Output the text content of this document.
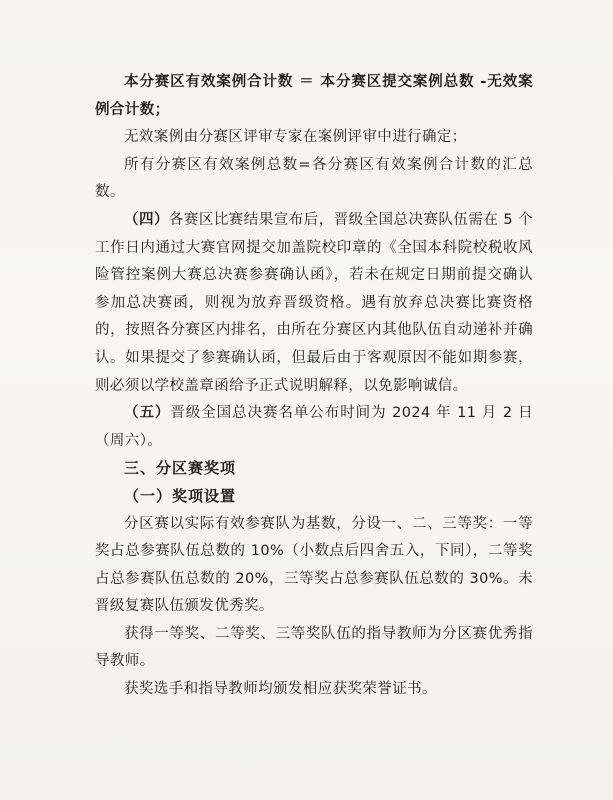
本分赛区有效案例合计数 ＝ 本分赛区提交案例总数 -无效案例合计数；

无效案例由分赛区评审专家在案例评审中进行确定；

所有分赛区有效案例总数=各分赛区有效案例合计数的汇总数。

（四）各赛区比赛结果宣布后，晋级全国总决赛队伍需在 5 个工作日内通过大赛官网提交加盖院校印章的《全国本科院校税收风险管控案例大赛总决赛参赛确认函》，若未在规定日期前提交确认参加总决赛函，则视为放弃晋级资格。遇有放弃总决赛比赛资格的，按照各分赛区内排名，由所在分赛区内其他队伍自动递补并确认。如果提交了参赛确认函，但最后由于客观原因不能如期参赛，则必须以学校盖章函给予正式说明解释，以免影响诚信。

（五）晋级全国总决赛名单公布时间为 2024 年 11 月 2 日（周六）。

三、分区赛奖项

（一）奖项设置

分区赛以实际有效参赛队为基数，分设一、二、三等奖：一等奖占总参赛队伍总数的 10%（小数点后四舍五入，下同），二等奖占总参赛队伍总数的 20%，三等奖占总参赛队伍总数的 30%。未晋级复赛队伍颁发优秀奖。

获得一等奖、二等奖、三等奖队伍的指导教师为分区赛优秀指导教师。

获奖选手和指导教师均颁发相应获奖荣誉证书。
